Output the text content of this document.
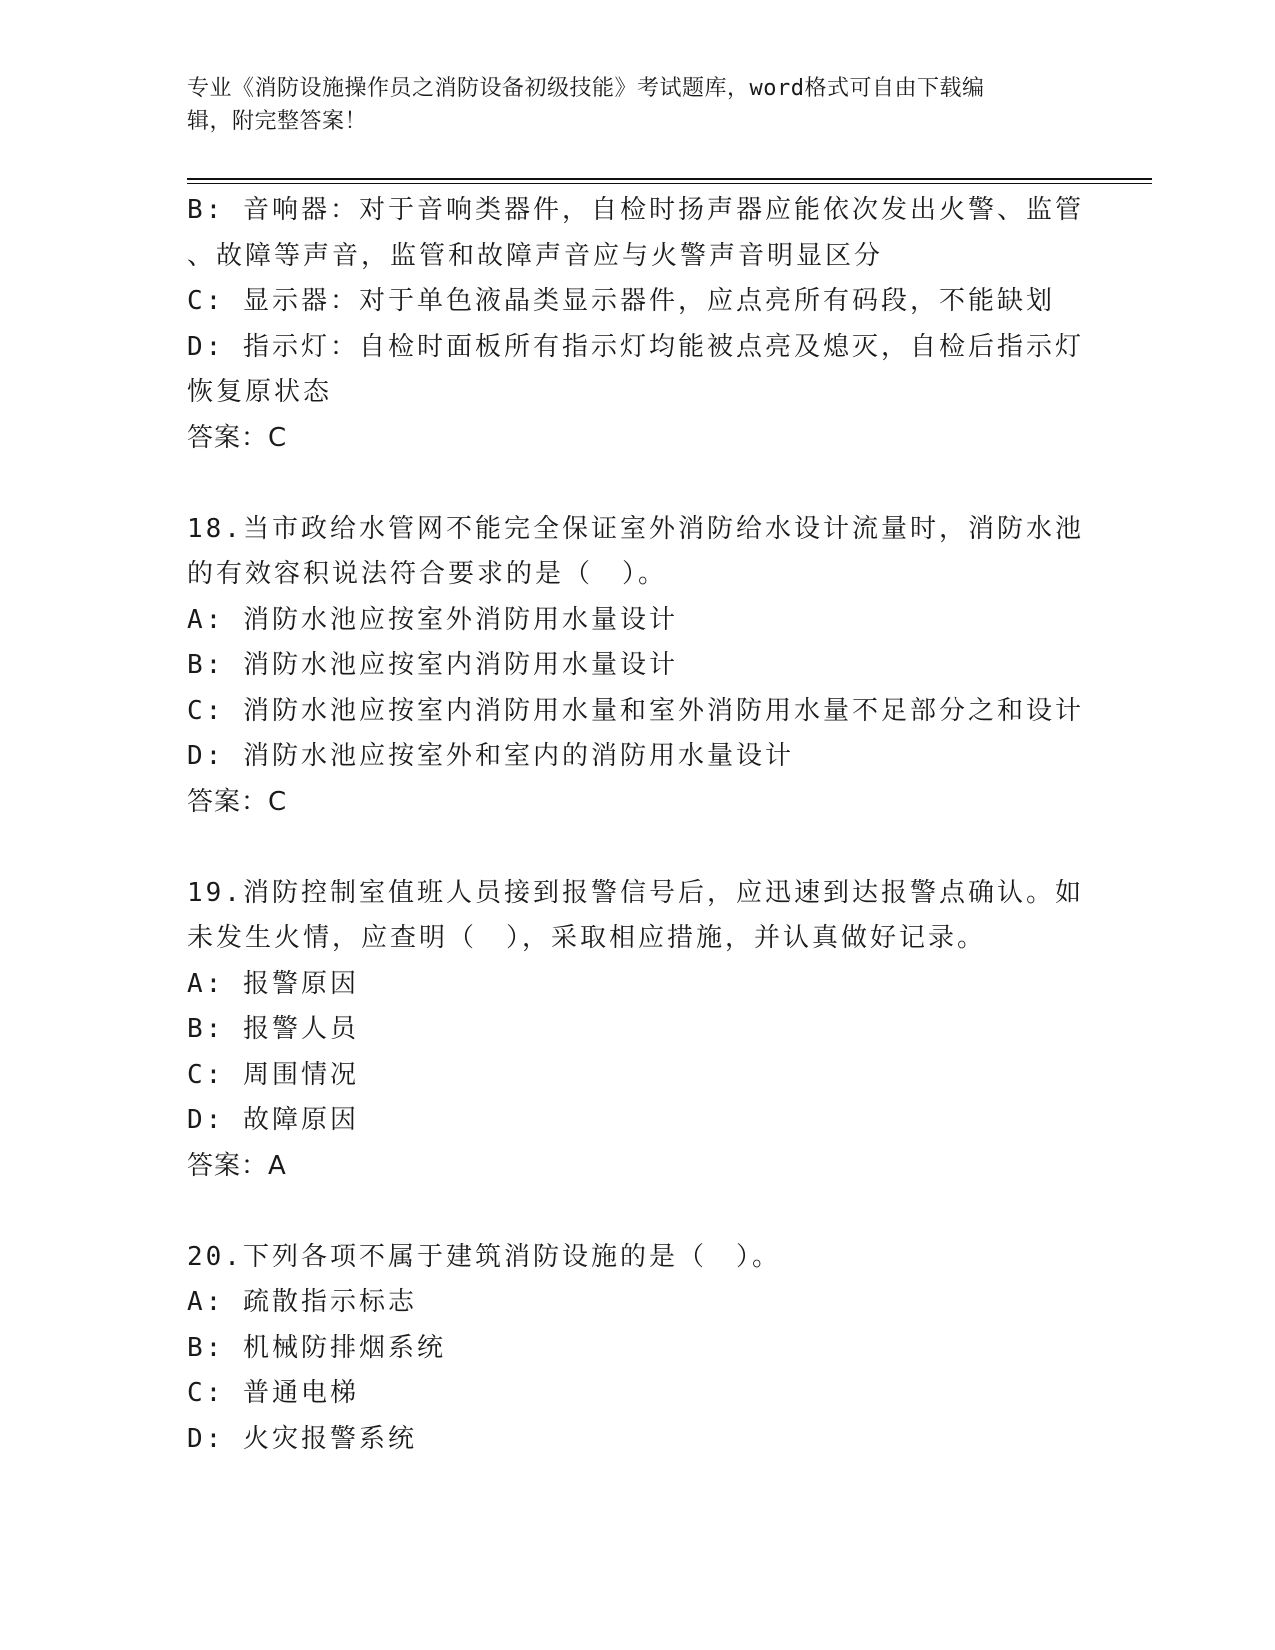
专业《消防设施操作员之消防设备初级技能》考试题库，word格式可自由下载编
辑，附完整答案！
B: 音响器：对于音响类器件，自检时扬声器应能依次发出火警、监管
、故障等声音，监管和故障声音应与火警声音明显区分
C: 显示器：对于单色液晶类显示器件，应点亮所有码段，不能缺划
D: 指示灯：自检时面板所有指示灯均能被点亮及熄灭，自检后指示灯
恢复原状态
答案：C
18.当市政给水管网不能完全保证室外消防给水设计流量时，消防水池
的有效容积说法符合要求的是（　）。
A: 消防水池应按室外消防用水量设计
B: 消防水池应按室内消防用水量设计
C: 消防水池应按室内消防用水量和室外消防用水量不足部分之和设计
D: 消防水池应按室外和室内的消防用水量设计
答案：C
19.消防控制室值班人员接到报警信号后，应迅速到达报警点确认。如
未发生火情，应查明（　），采取相应措施，并认真做好记录。
A: 报警原因
B: 报警人员
C: 周围情况
D: 故障原因
答案：A
20.下列各项不属于建筑消防设施的是（　）。
A: 疏散指示标志
B: 机械防排烟系统
C: 普通电梯
D: 火灾报警系统
